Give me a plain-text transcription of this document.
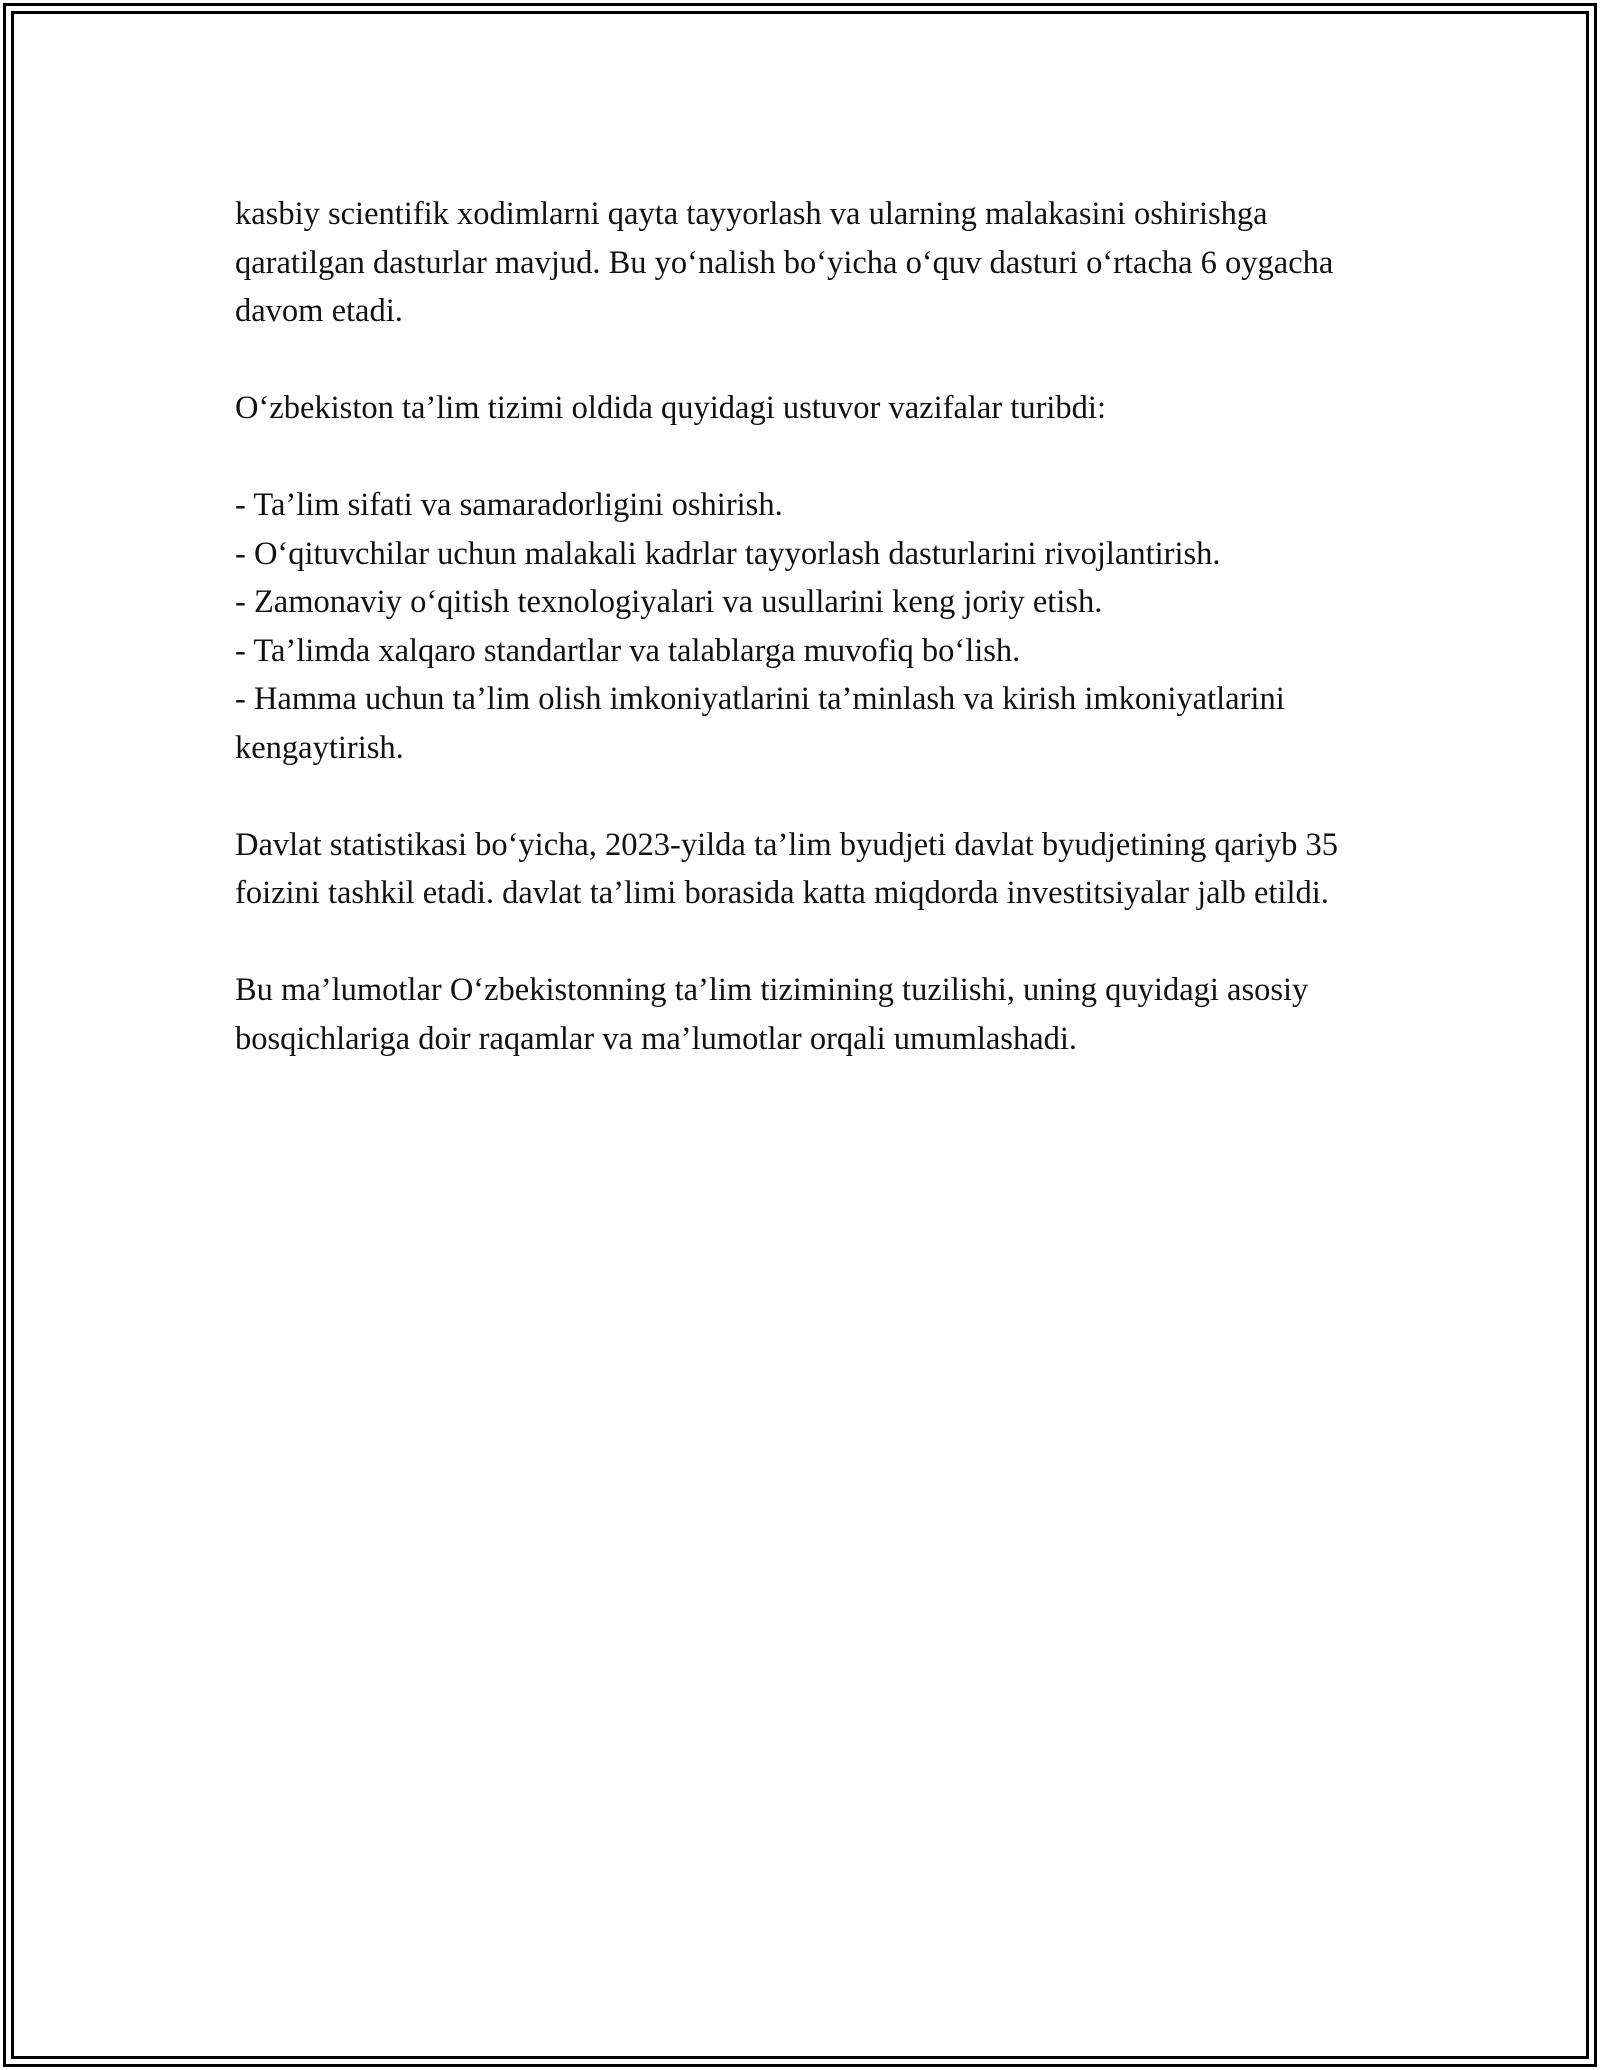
kasbiy scientifik xodimlarni qayta tayyorlash va ularning malakasini oshirishga qaratilgan dasturlar mavjud. Bu yo‘nalish bo‘yicha o‘quv dasturi o‘rtacha 6 oygacha davom etadi.

O‘zbekiston ta’lim tizimi oldida quyidagi ustuvor vazifalar turibdi:

- Ta’lim sifati va samaradorligini oshirish.

- O‘qituvchilar uchun malakali kadrlar tayyorlash dasturlarini rivojlantirish.

- Zamonaviy o‘qitish texnologiyalari va usullarini keng joriy etish.

- Ta’limda xalqaro standartlar va talablarga muvofiq bo‘lish.

- Hamma uchun ta’lim olish imkoniyatlarini ta’minlash va kirish imkoniyatlarini kengaytirish.

Davlat statistikasi bo‘yicha, 2023-yilda ta’lim byudjeti davlat byudjetining qariyb 35 foizini tashkil etadi. davlat ta’limi borasida katta miqdorda investitsiyalar jalb etildi.

Bu ma’lumotlar O‘zbekistonning ta’lim tizimining tuzilishi, uning quyidagi asosiy bosqichlariga doir raqamlar va ma’lumotlar orqali umumlashadi.
